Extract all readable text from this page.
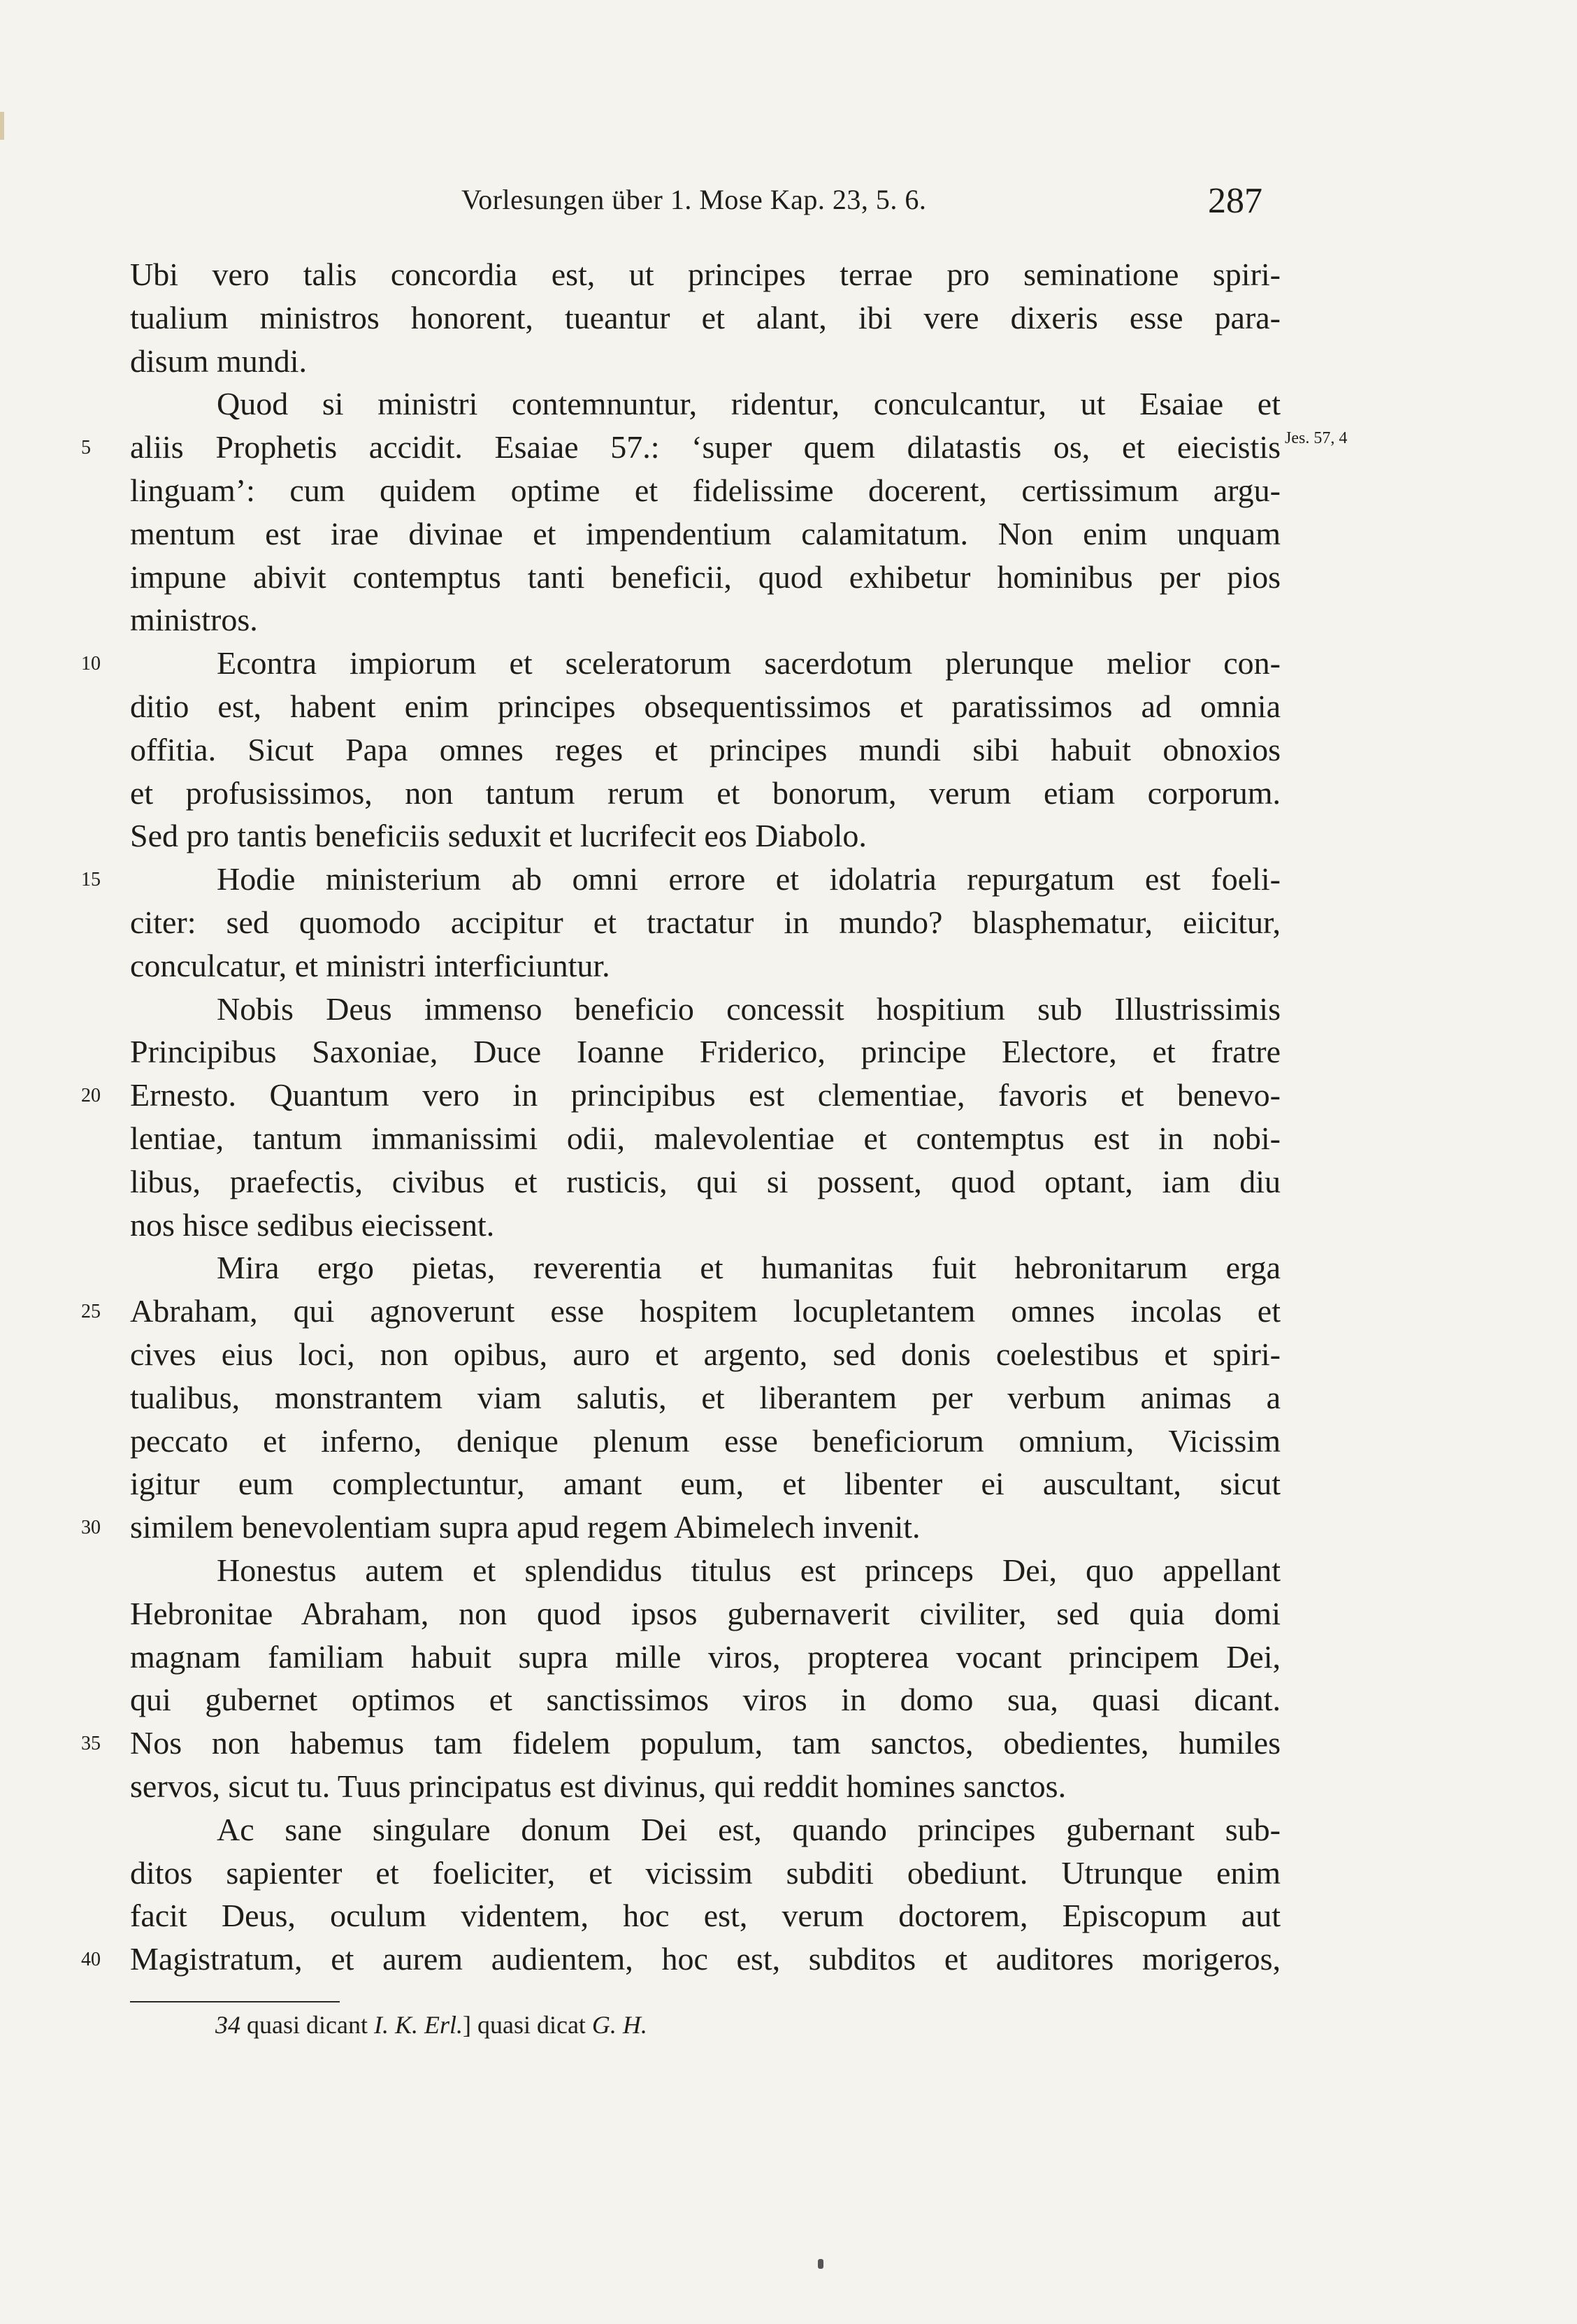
Vorlesungen über 1. Mose Kap. 23, 5. 6.	287
Jes. 57, 4
Ubi vero talis concordia est, ut principes terrae pro seminatione spiri-
tualium ministros honorent, tueantur et alant, ibi vere dixeris esse para-
disum mundi.
Quod si ministri contemnuntur, ridentur, conculcantur, ut Esaiae et
5	aliis Prophetis accidit. Esaiae 57.: ‘super quem dilatastis os, et eiecistis
linguam’: cum quidem optime et fidelissime docerent, certissimum argu-
mentum est irae divinae et impendentium calamitatum. Non enim unquam
impune abivit contemptus tanti beneficii, quod exhibetur hominibus per pios
ministros.
10	Econtra impiorum et sceleratorum sacerdotum plerunque melior con-
ditio est, habent enim principes obsequentissimos et paratissimos ad omnia
offitia. Sicut Papa omnes reges et principes mundi sibi habuit obnoxios
et profusissimos, non tantum rerum et bonorum, verum etiam corporum.
Sed pro tantis beneficiis seduxit et lucrifecit eos Diabolo.
15	Hodie ministerium ab omni errore et idolatria repurgatum est foeli-
citer: sed quomodo accipitur et tractatur in mundo? blasphematur, eiicitur,
conculcatur, et ministri interficiuntur.
Nobis Deus immenso beneficio concessit hospitium sub Illustrissimis
Principibus Saxoniae, Duce Ioanne Friderico, principe Electore, et fratre
20 Ernesto. Quantum vero in principibus est clementiae, favoris et benevo-
lentiae, tantum immanissimi odii, malevolentiae et contemptus est in nobi-
libus, praefectis, civibus et rusticis, qui si possent, quod optant, iam diu
nos hisce sedibus eiecissent.
Mira ergo pietas, reverentia et humanitas fuit hebronitarum erga
25 Abraham, qui agnoverunt esse hospitem locupletantem omnes incolas et
cives eius loci, non opibus, auro et argento, sed donis coelestibus et spiri-
tualibus, monstrantem viam salutis, et liberantem per verbum animas a
peccato et inferno, denique plenum esse beneficiorum omnium, Vicissim
igitur eum complectuntur, amant eum, et libenter ei auscultant, sicut
30 similem benevolentiam supra apud regem Abimelech invenit.
Honestus autem et splendidus titulus est princeps Dei, quo appellant
Hebronitae Abraham, non quod ipsos gubernaverit civiliter, sed quia domi
magnam familiam habuit supra mille viros, propterea vocant principem Dei,
qui gubernet optimos et sanctissimos viros in domo sua, quasi dicant.
35 Nos non habemus tam fidelem populum, tam sanctos, obedientes, humiles
servos, sicut tu. Tuus principatus est divinus, qui reddit homines sanctos.
Ac sane singulare donum Dei est, quando principes gubernant sub-
ditos sapienter et foeliciter, et vicissim subditi obediunt. Utrunque enim
facit Deus, oculum videntem, hoc est, verum doctorem, Episcopum aut
40 Magistratum, et aurem audientem, hoc est, subditos et auditores morigeros,
34 quasi dicant I. K. Erl.] quasi dicat G. H.
